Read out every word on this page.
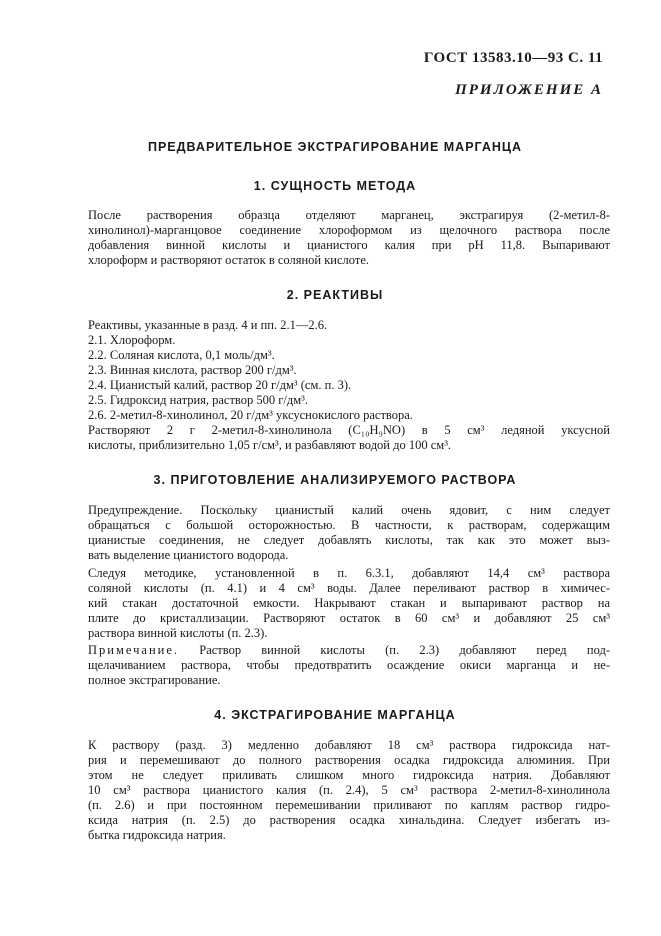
ГОСТ 13583.10—93 С. 11
ПРИЛОЖЕНИЕ А
ПРЕДВАРИТЕЛЬНОЕ ЭКСТРАГИРОВАНИЕ МАРГАНЦА
1. СУЩНОСТЬ МЕТОДА
После растворения образца отделяют марганец, экстрагируя (2-метил-8-
хинолинол)-марганцовое соединение хлороформом из щелочного раствора после
добавления винной кислоты и цианистого калия при рН 11,8. Выпаривают
хлороформ и растворяют остаток в соляной кислоте.
2. РЕАКТИВЫ
Реактивы, указанные в разд. 4 и пп. 2.1—2.6.
2.1. Хлороформ.
2.2. Соляная кислота, 0,1 моль/дм³.
2.3. Винная кислота, раствор 200 г/дм³.
2.4. Цианистый калий, раствор 20 г/дм³ (см. п. 3).
2.5. Гидроксид натрия, раствор 500 г/дм³.
2.6. 2-метил-8-хинолинол, 20 г/дм³ уксуснокислого раствора.
Растворяют 2 г 2-метил-8-хинолинола (C₁₀H₉NO) в 5 см³ ледяной уксусной
кислоты, приблизительно 1,05 г/см³, и разбавляют водой до 100 см³.
3. ПРИГОТОВЛЕНИЕ АНАЛИЗИРУЕМОГО РАСТВОРА
Предупреждение. Поскольку цианистый калий очень ядовит, с ним следует
обращаться с большой осторожностью. В частности, к растворам, содержащим
цианистые соединения, не следует добавлять кислоты, так как это может выз-
вать выделение цианистого водорода.
Следуя методике, установленной в п. 6.3.1, добавляют 14,4 см³ раствора
соляной кислоты (п. 4.1) и 4 см³ воды. Далее переливают раствор в химичес-
кий стакан достаточной емкости. Накрывают стакан и выпаривают раствор на
плите до кристаллизации. Растворяют остаток в 60 см³ и добавляют 25 см³
раствора винной кислоты (п. 2.3).
Примечание. Раствор винной кислоты (п. 2.3) добавляют перед под-
щелачиванием раствора, чтобы предотвратить осаждение окиси марганца и не-
полное экстрагирование.
4. ЭКСТРАГИРОВАНИЕ МАРГАНЦА
К раствору (разд. 3) медленно добавляют 18 см³ раствора гидроксида нат-
рия и перемешивают до полного растворения осадка гидроксида алюминия. При
этом не следует приливать слишком много гидроксида натрия. Добавляют
10 см³ раствора цианистого калия (п. 2.4), 5 см³ раствора 2-метил-8-хинолинола
(п. 2.6) и при постоянном перемешивании приливают по каплям раствор гидро-
ксида натрия (п. 2.5) до растворения осадка хинальдина. Следует избегать из-
бытка гидроксида натрия.
